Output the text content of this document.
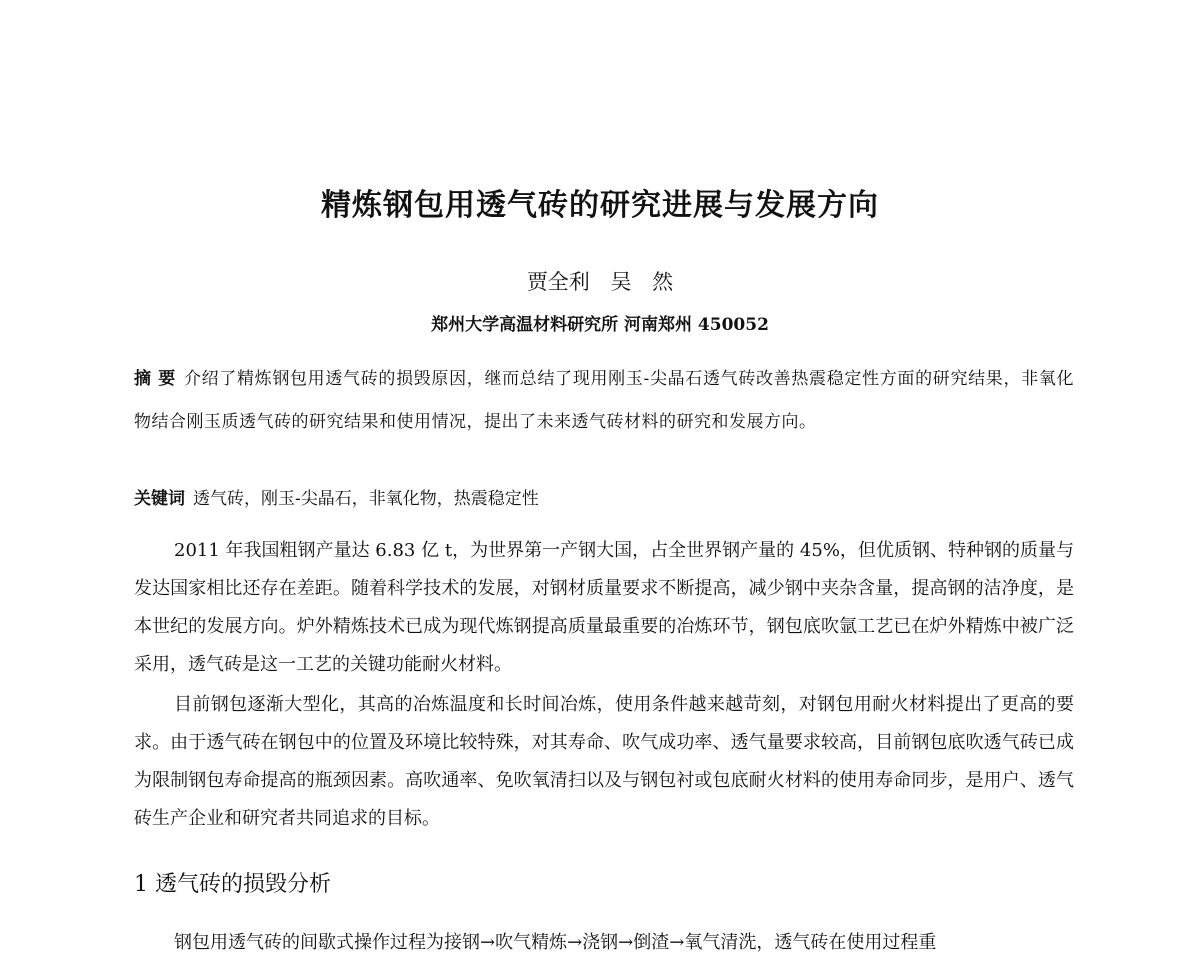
精炼钢包用透气砖的研究进展与发展方向
贾全利 吴 然
郑州大学高温材料研究所 河南郑州 450052
摘 要 介绍了精炼钢包用透气砖的损毁原因，继而总结了现用刚玉-尖晶石透气砖改善热震稳定性方面的研究结果，非氧化物结合刚玉质透气砖的研究结果和使用情况，提出了未来透气砖材料的研究和发展方向。
关键词 透气砖，刚玉-尖晶石，非氧化物，热震稳定性
2011 年我国粗钢产量达 6.83 亿 t，为世界第一产钢大国，占全世界钢产量的 45%，但优质钢、特种钢的质量与发达国家相比还存在差距。随着科学技术的发展，对钢材质量要求不断提高，减少钢中夹杂含量，提高钢的洁净度，是本世纪的发展方向。炉外精炼技术已成为现代炼钢提高质量最重要的冶炼环节，钢包底吹氩工艺已在炉外精炼中被广泛采用，透气砖是这一工艺的关键功能耐火材料。
目前钢包逐渐大型化，其高的冶炼温度和长时间冶炼，使用条件越来越苛刻，对钢包用耐火材料提出了更高的要求。由于透气砖在钢包中的位置及环境比较特殊，对其寿命、吹气成功率、透气量要求较高，目前钢包底吹透气砖已成为限制钢包寿命提高的瓶颈因素。高吹通率、免吹氧清扫以及与钢包衬或包底耐火材料的使用寿命同步，是用户、透气砖生产企业和研究者共同追求的目标。
1 透气砖的损毁分析
钢包用透气砖的间歇式操作过程为接钢→吹气精炼→浇钢→倒渣→氧气清洗，透气砖在使用过程重
